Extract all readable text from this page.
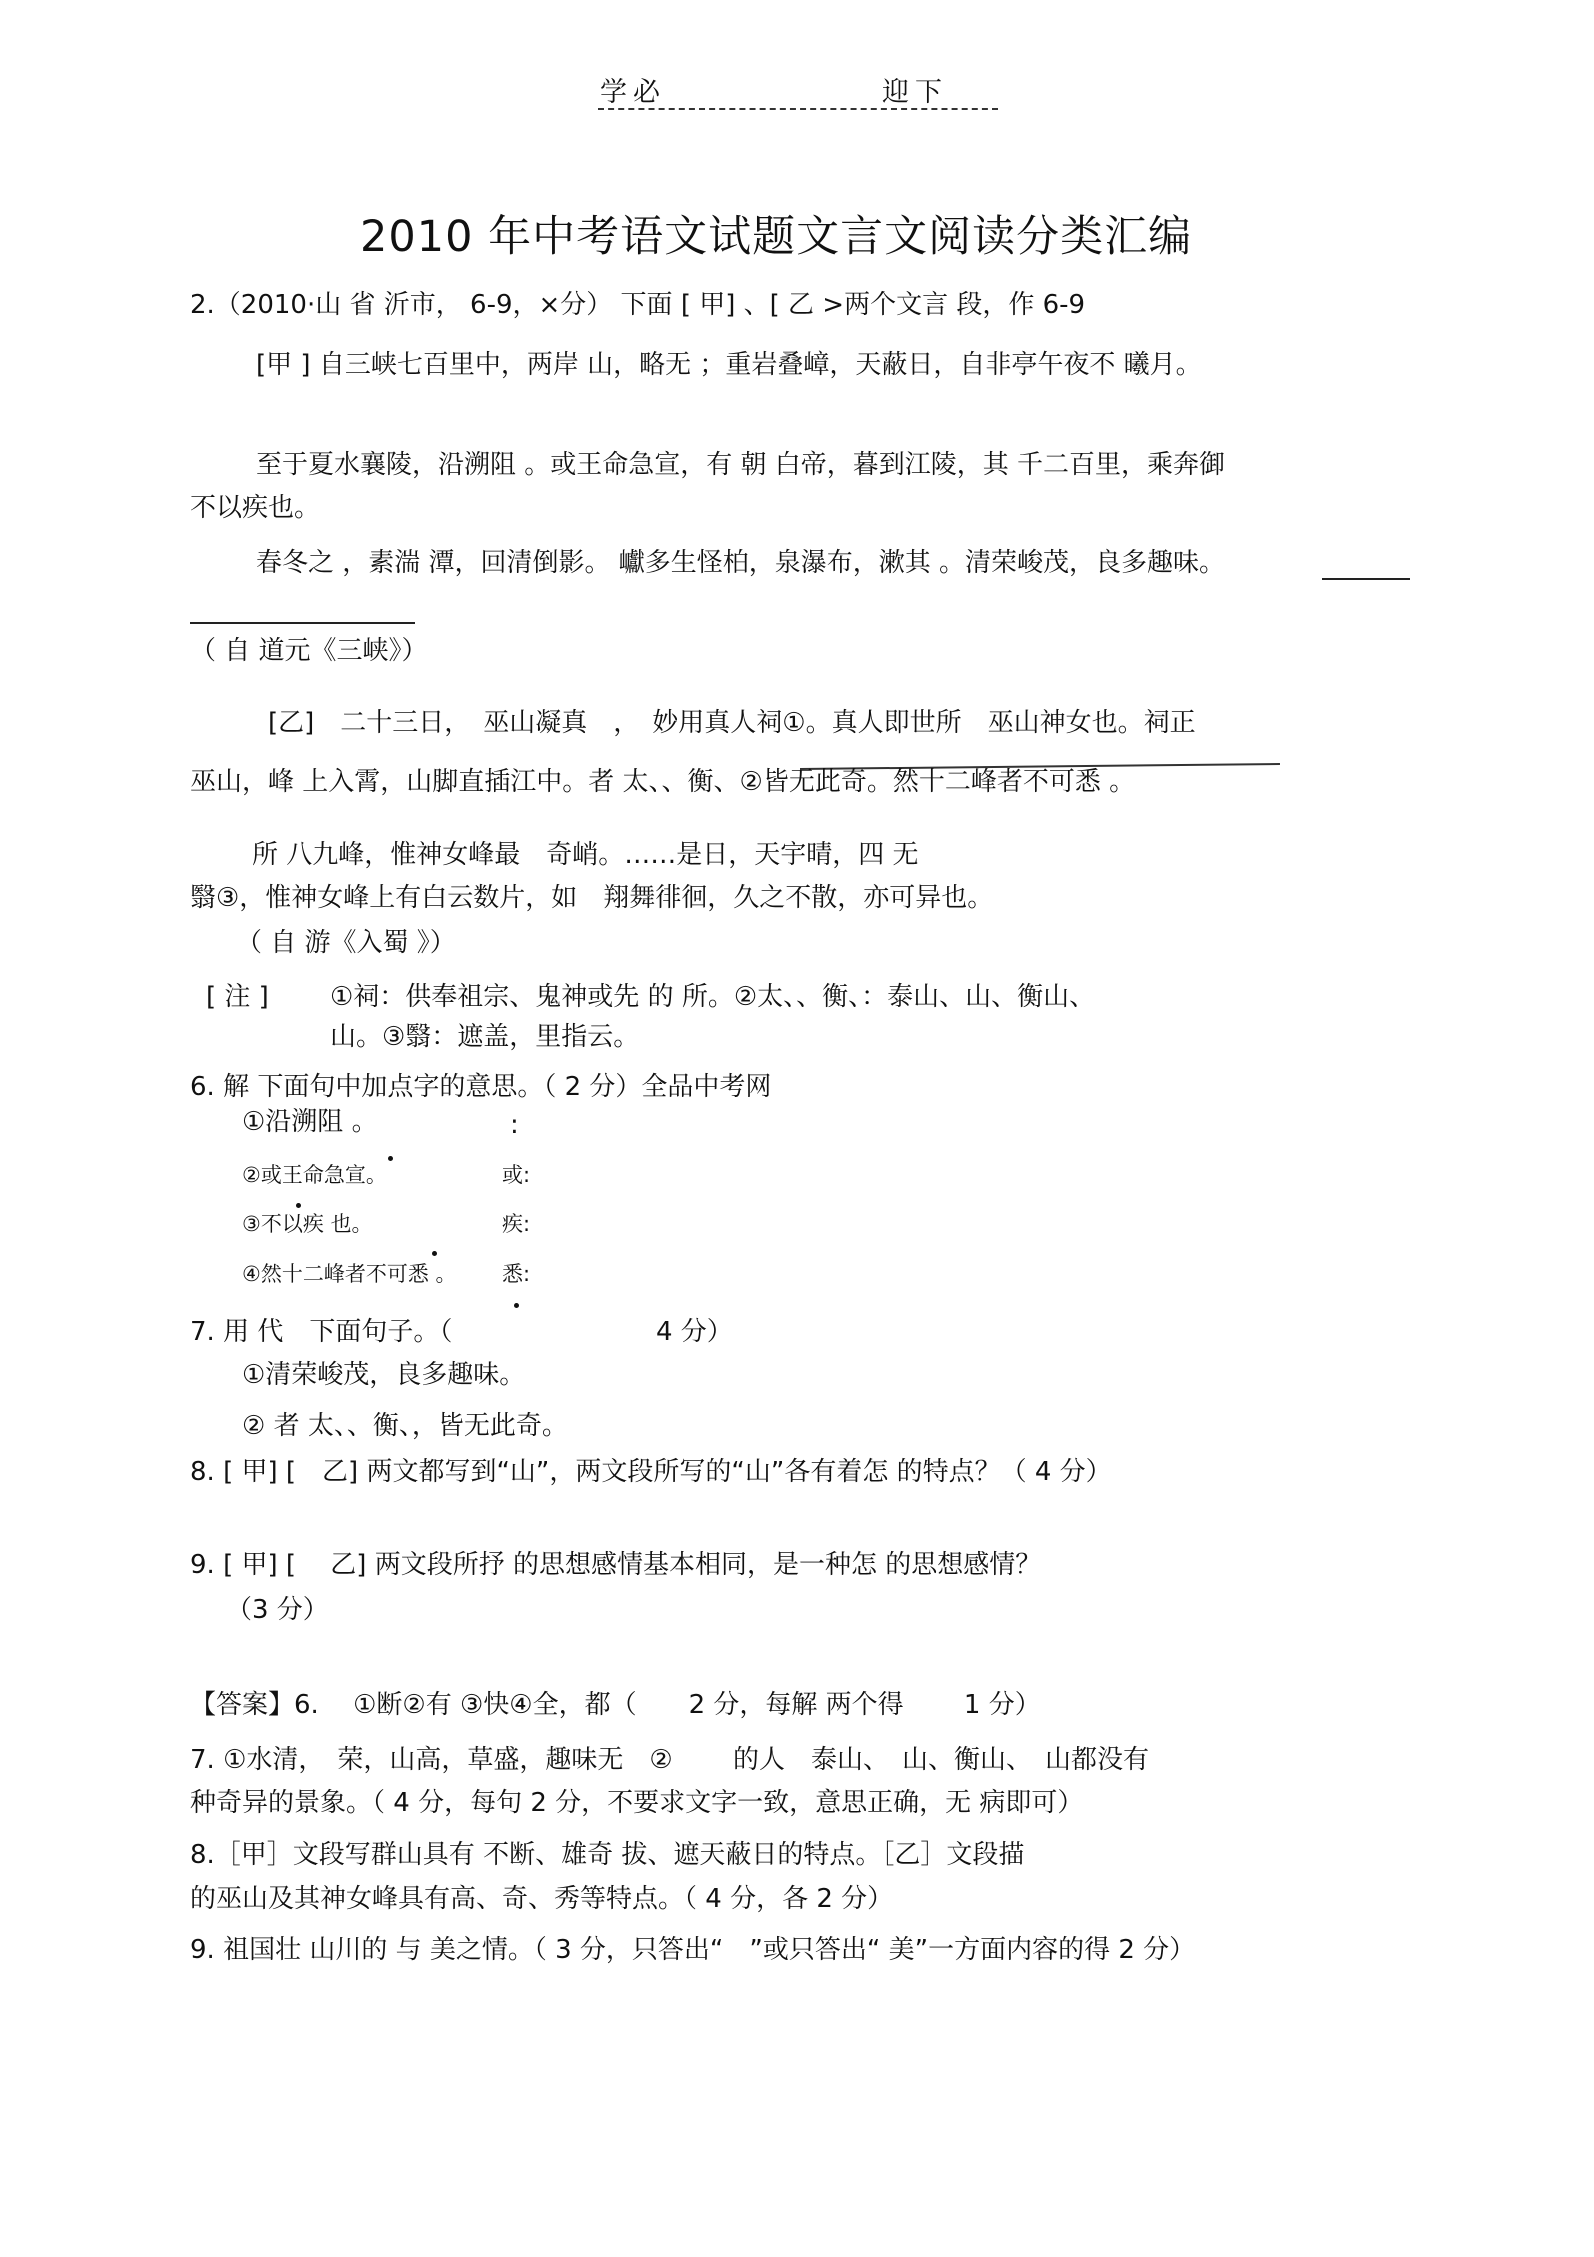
学必	迎下
2010 年中考语文试题文言文阅读分类汇编
2.（2010·山 省 沂市， 6-9，×分） 下面 [ 甲] 、[ 乙 >两个文言 段，作 6-9
[甲 ] 自三峡七百里中，两岸 山，略无 ；重岩叠嶂，天蔽日，自非亭午夜不 曦月。
至于夏水襄陵，沿溯阻 。或王命急宣，有 朝 白帝，暮到江陵，其 千二百里，乘奔御
不以疾也。
春冬之 ，素湍 潭，回清倒影。 巘多生怪柏，泉瀑布，漱其 。清荣峻茂，良多趣味。
（ 自 道元《三峡》）
[乙]　二十三日，　巫山凝真　，　妙用真人祠①。真人即世所　巫山神女也。祠正
巫山，峰 上入霄，山脚直插江中。者 太、、衡、②皆无此奇。然十二峰者不可悉 。
所 八九峰，惟神女峰最　奇峭。……是日，天宇晴，四 无
翳③，惟神女峰上有白云数片，如　翔舞徘徊，久之不散，亦可异也。
（ 自 游《入蜀 》）
[ 注 ] ①祠：供奉祖宗、鬼神或先 的 所。②太、、衡、：泰山、山、衡山、
山。③翳：遮盖，里指云。
6. 解 下面句中加点字的意思。（ 2 分）全品中考网
①沿溯阻 。	:
②或王命急宣。	或:
③不以疾 也。	疾:
④然十二峰者不可悉 。 悉:
7. 用 代　下面句子。（	4 分）
①清荣峻茂，良多趣味。
② 者 太、、衡、，皆无此奇。
8. [ 甲] [　乙] 两文都写到“山”，两文段所写的“山”各有着怎 的特点？（ 4 分）
9. [ 甲] [　 乙] 两文段所抒 的思想感情基本相同，是一种怎 的思想感情？
（3 分）
【答案】6.　 ①断②有 ③快④全，都（　　2 分，每解 两个得　　 1 分）
7. ①水清，　荣，山高，草盛，趣味无　②　　 的人　泰山、　山、衡山、　山都没有
种奇异的景象。（ 4 分，每句 2 分，不要求文字一致，意思正确，无 病即可）
8.［甲］文段写群山具有 不断、雄奇 拔、遮天蔽日的特点。［乙］文段描
的巫山及其神女峰具有高、奇、秀等特点。（ 4 分，各 2 分）
9. 祖国壮 山川的 与 美之情。（ 3 分，只答出“　”或只答出“ 美”一方面内容的得 2 分）
